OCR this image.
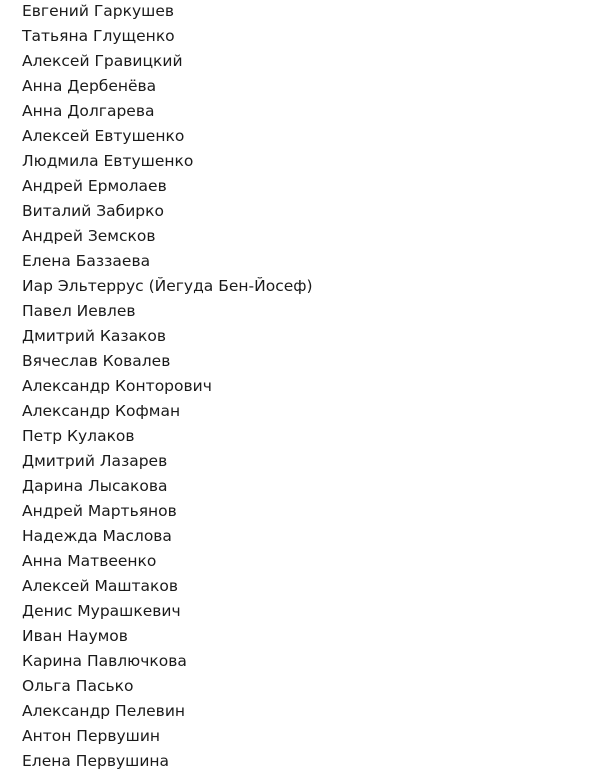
Евгений Гаркушев
Татьяна Глущенко
Алексей Гравицкий
Анна Дербенёва
Анна Долгарева
Алексей Евтушенко
Людмила Евтушенко
Андрей Ермолаев
Виталий Забирко
Андрей Земсков
Елена Баззаева
Иар Эльтеррус (Йегуда Бен-Йосеф)
Павел Иевлев
Дмитрий Казаков
Вячеслав Ковалев
Александр Конторович
Александр Кофман
Петр Кулаков
Дмитрий Лазарев
Дарина Лысакова
Андрей Мартьянов
Надежда Маслова
Анна Матвеенко
Алексей Маштаков
Денис Мурашкевич
Иван Наумов
Карина Павлючкова
Ольга Пасько
Александр Пелевин
Антон Первушин
Елена Первушина
